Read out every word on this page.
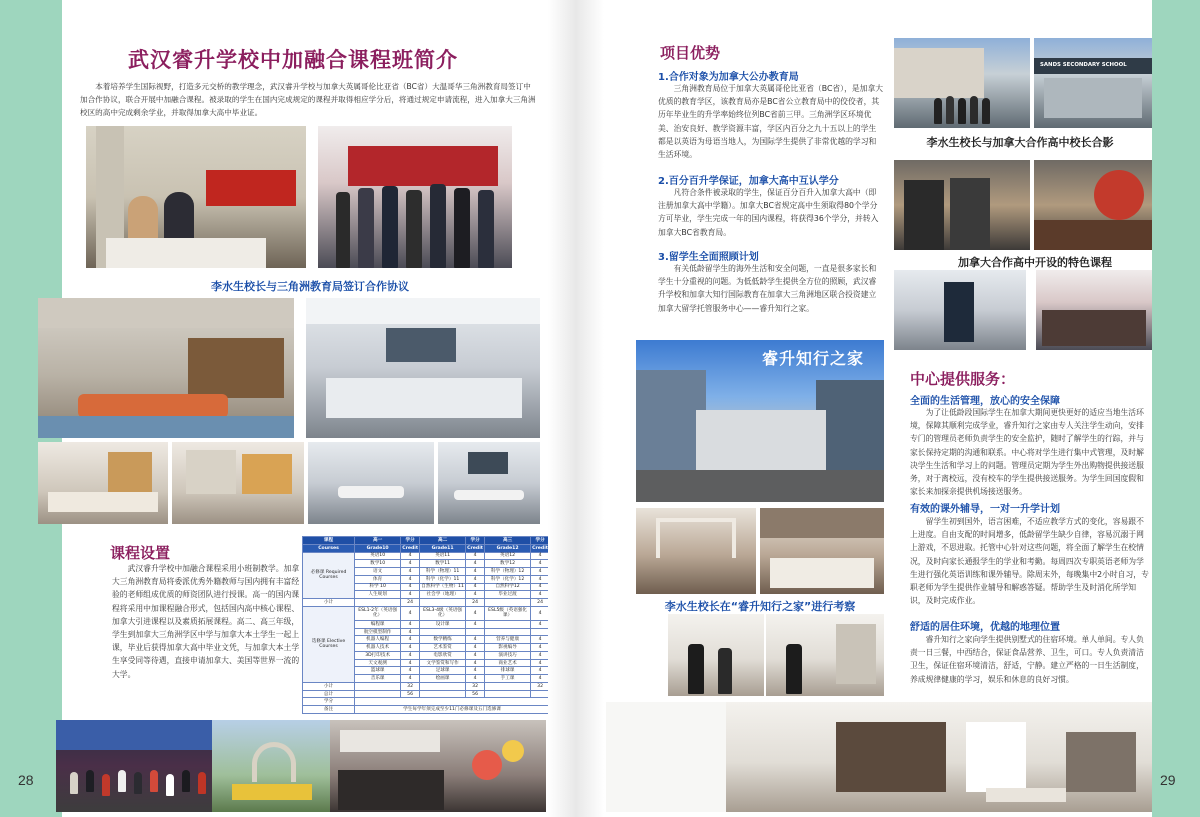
武汉睿升学校中加融合课程班简介
本着培养学生国际视野，打造多元交桥的教学理念，武汉睿升学校与加拿大英属哥伦比亚省（BC省）大温哥华三角洲教育局签订中加合作协议，联合开展中加融合课程。被录取的学生在国内完成规定的课程并取得相应学分后，将通过规定申请流程，进入加拿大三角洲校区的高中完成剩余学业，并取得加拿大高中毕业证。
李水生校长与三角洲教育局签订合作协议
课程设置
武汉睿升学校中加融合课程采用小班制教学。加拿大三角洲教育局将委派优秀外籍教师与国内拥有丰富经验的老师组成优质的师资团队进行授课。高一的国内课程将采用中加课程融合形式，包括国内高中核心课程、加拿大引进课程以及素质拓展课程。高二、高三年级，学生到加拿大三角洲学区中学与加拿大本土学生一起上课，毕业后获得加拿大高中毕业文凭，与加拿大本土学生享受同等待遇，直接申请加拿大、美国等世界一流的大学。
课程	高一	学分	高二	学分	高三	学分
Courses	Grade10	Credit	Grade11	Credit	Grade12	Credit
必修课 Required Courses	英语10	4	英语11	4	英语12	4
	数学10	4	数学11	4	数学12	4
	语文	4	科学（物理）11	4	科学（物理）12	4
	体育	4	科学（化学）11	4	科学（化学）12	4
	科学 10	4	自然科学（生物）11	4	自然科学12	4
	人生规划	4	社会学（地理）	4	毕业过渡	4
小计		24		24		24
选修课 Elective Courses	ESL1-2年（英语强化）	4	ESL3-4级（英语强化）	4	ESL5级（英语强化课）	4
	编程课	4	设计课	4		4
	航空模型制作	4				
	机器人编程	4	数学精练	4	营养与健康	4
	机器人技术	4	艺术鉴赏	4	影视编导	4
	3D打印技术	4	电影欣赏	4	演讲技巧	4
	天文观测	4	文学鉴赏和写作	4	商业艺术	4
	篮球课	4	足球课	4	排球课	4
	音乐课	4	绘画课	4	手工课	4
小计		32		32		32
总计		56		56		
学分						
备注	学生每学年须完成至少11门必修课及五门选修课					
28
项目优势
1.合作对象为加拿大公办教育局
三角洲教育局位于加拿大英属哥伦比亚省（BC省），是加拿大优质的教育学区，该教育局亦是BC省公立教育局中的佼佼者，其历年毕业生的升学率始终位列BC省前三甲。三角洲学区环境优美、治安良好、教学资源丰富，学区内百分之九十五以上的学生都是以英语为母语当地人，为国际学生提供了非常优越的学习和生活环境。
2.百分百升学保证，加拿大高中互认学分
凡符合条件被录取的学生，保证百分百升入加拿大高中（即注册加拿大高中学籍）。加拿大BC省规定高中生须取得80个学分方可毕业，学生完成一年的国内课程，将获得36个学分，并转入加拿大BC省教育局。
3.留学生全面照顾计划
有关低龄留学生的海外生活和安全问题，一直是很多家长和学生十分重视的问题。为低低龄学生提供全方位的照顾，武汉睿升学校和加拿大知行国际教育在加拿大三角洲地区联合投资建立加拿大留学托管服务中心——睿升知行之家。
SANDS SECONDARY SCHOOL
李水生校长与加拿大合作高中校长合影
加拿大合作高中开设的特色课程
睿升知行之家
李水生校长在“睿升知行之家”进行考察
中心提供服务：
全面的生活管理，放心的安全保障
为了让低龄段国际学生在加拿大期间更快更好的适应当地生活环境，保障其顺利完成学业，睿升知行之家由专人关注学生动向，安排专门的管理员老师负责学生的安全监护，随时了解学生的行踪，并与家长保持定期的沟通和联系。中心将对学生进行集中式管理，及时解决学生生活和学习上的问题。管理员定期为学生外出购物提供接送服务，对于离校远，没有校车的学生提供接送服务。为学生回国度假和家长来加探亲提供机场接送服务。
有效的课外辅导，一对一升学计划
留学生初到国外，语言困难，不适应教学方式的变化，容易跟不上进度。自由支配的时间增多，低龄留学生缺少自律，容易沉溺于网上游戏，不思进取。托管中心针对这些问题，将全面了解学生在校情况，及时向家长通报学生的学业和考勤。每周四次专职英语老师为学生进行强化英语训练和课外辅导。除周末外，每晚集中2小时自习，专职老师为学生提供作业辅导和解惑答疑。帮助学生及时消化所学知识，及时完成作业。
舒适的居住环境，优越的地理位置
睿升知行之家向学生提供别墅式的住宿环境。单人单间。专人负责一日三餐，中西结合，保证食品营养、卫生，可口。专人负责清洁卫生，保证住宿环境清洁，舒适，宁静。建立严格的一日生活制度，养成规律健康的学习，娱乐和休息的良好习惯。
29
